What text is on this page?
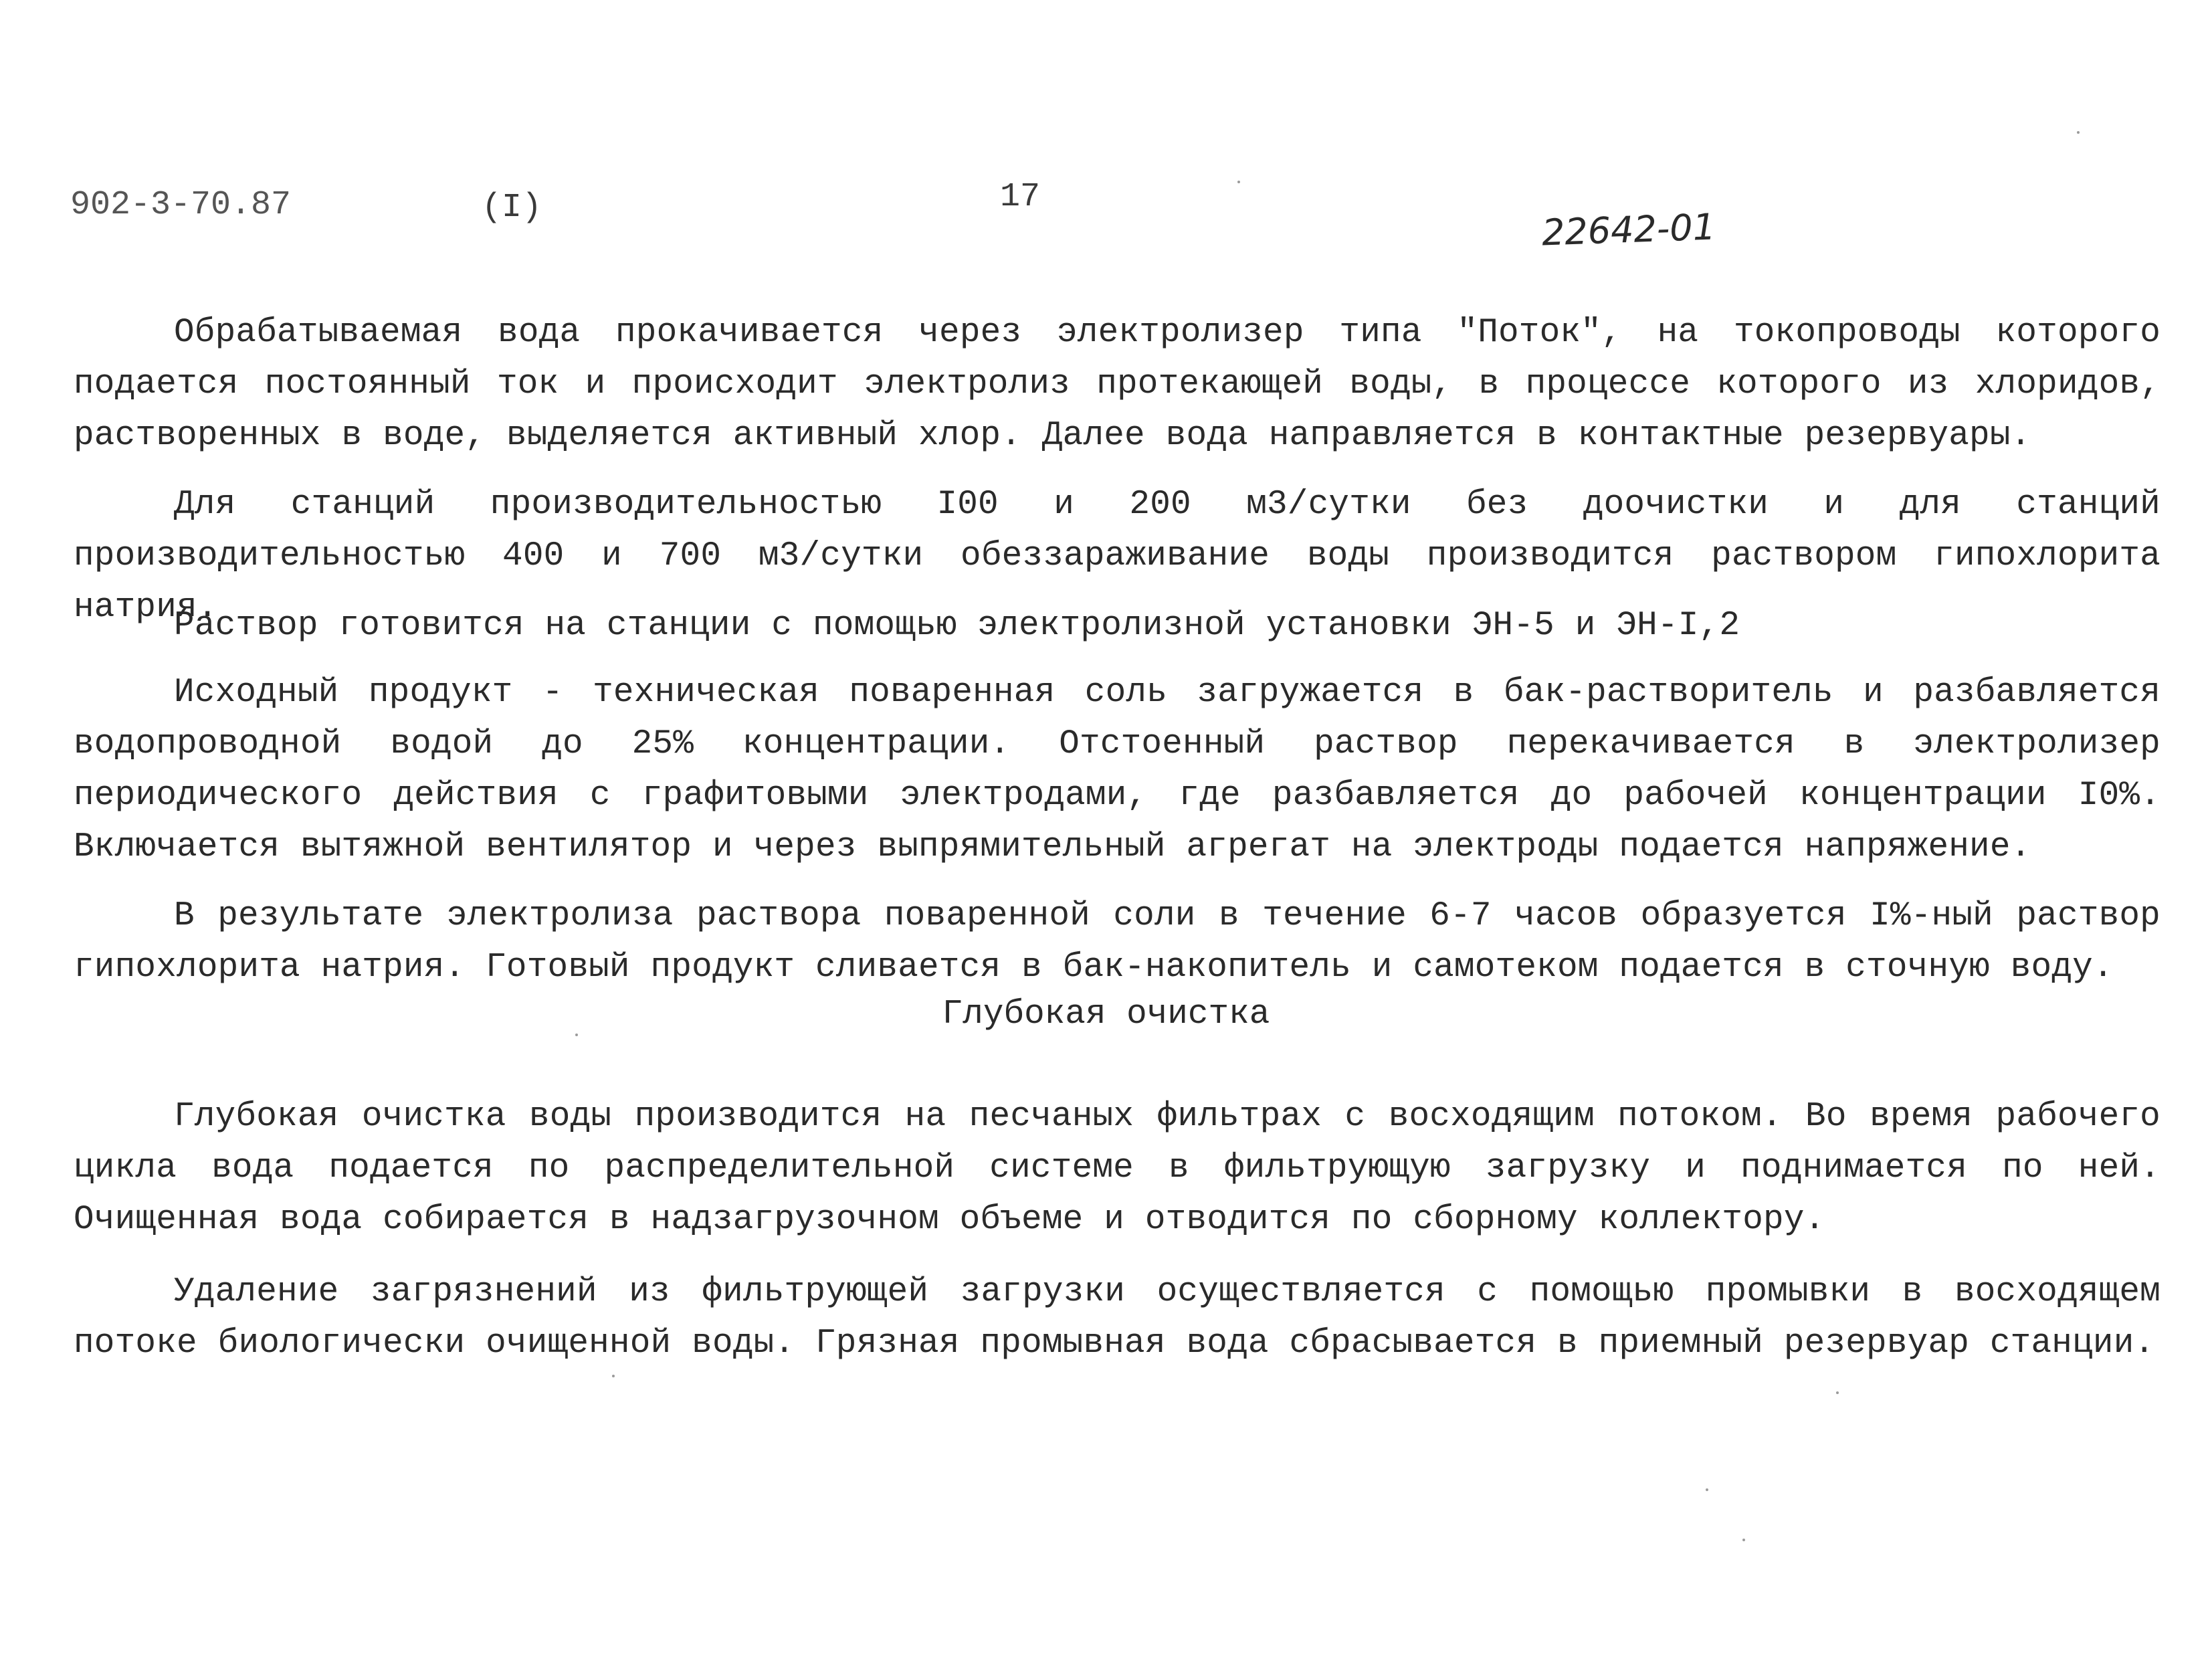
902-3-70.87	(I)	17
22642-01

Обрабатываемая вода прокачивается через электролизер типа "Поток", на токопроводы которого подается постоянный ток и происходит электролиз протекающей воды, в процессе которого из хлоридов, растворенных в воде, выделяется активный хлор. Далее вода направляется в контактные резервуары.

Для станций производительностью I00 и 200 м3/сутки без доочистки и для станций производительностью 400 и 700 м3/сутки обеззараживание воды производится раствором гипохлорита натрия.

Раствор готовится на станции с помощью электролизной установки ЭН-5 и ЭН-I,2

Исходный продукт - техническая поваренная соль загружается в бак-растворитель и разбавляется водопроводной водой до 25% концентрации. Отстоенный раствор перекачивается в электролизер периодического действия с графитовыми электродами, где разбавляется до рабочей концентрации I0%. Включается вытяжной вентилятор и через выпрямительный агрегат на электроды подается напряжение.

В результате электролиза раствора поваренной соли в течение 6-7 часов образуется I%-ный раствор гипохлорита натрия. Готовый продукт сливается в бак-накопитель и самотеком подается в сточную воду.

Глубокая очистка

Глубокая очистка воды производится на песчаных фильтрах с восходящим потоком. Во время рабочего цикла вода подается по распределительной системе в фильтрующую загрузку и поднимается по ней. Очищенная вода собирается в надзагрузочном объеме и отводится по сборному коллектору.

Удаление загрязнений из фильтрующей загрузки осуществляется с помощью промывки в восходящем потоке биологически очищенной воды. Грязная промывная вода сбрасывается в приемный резервуар станции.
